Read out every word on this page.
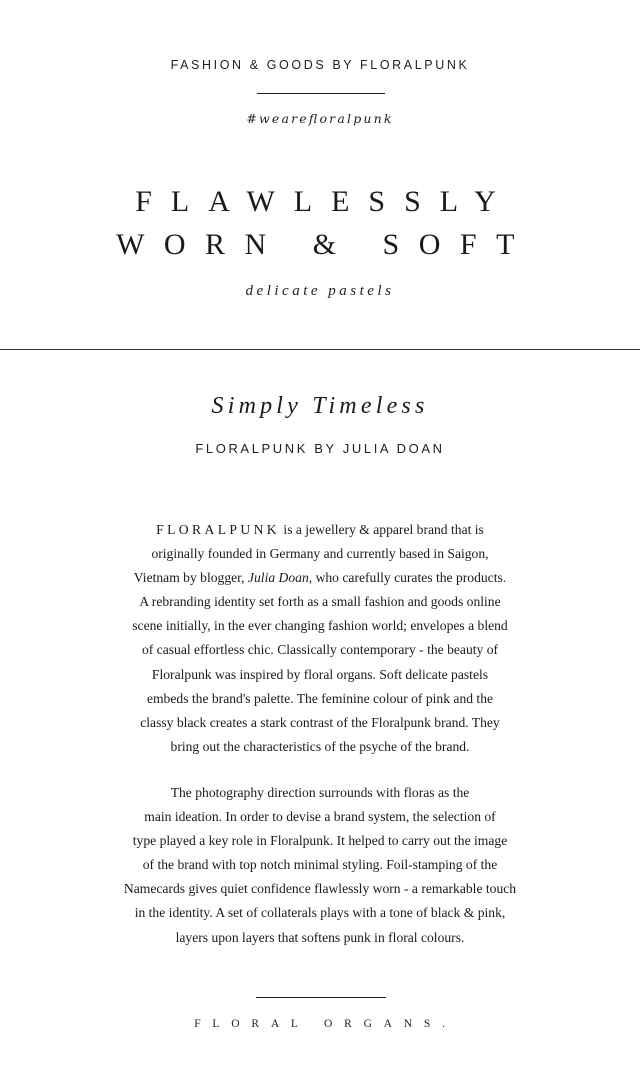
FASHION & GOODS BY FLORALPUNK
#weareﬂoralpunk
FLAWLESSLY
WORN & SOFT
delicate pastels
Simply Timeless
FLORALPUNK BY JULIA DOAN
FLORALPUNK is a jewellery & apparel brand that is
originally founded in Germany and currently based in Saigon,
Vietnam by blogger, Julia Doan, who carefully curates the products.
A rebranding identity set forth as a small fashion and goods online
scene initially, in the ever changing fashion world; envelopes a blend
of casual effortless chic. Classically contemporary - the beauty of
Floralpunk was inspired by floral organs. Soft delicate pastels
embeds the brand's palette. The feminine colour of pink and the
classy black creates a stark contrast of the Floralpunk brand. They
bring out the characteristics of the psyche of the brand.
The photography direction surrounds with floras as the
main ideation. In order to devise a brand system, the selection of
type played a key role in Floralpunk. It helped to carry out the image
of the brand with top notch minimal styling. Foil-stamping of the
Namecards gives quiet confidence flawlessly worn - a remarkable touch
in the identity. A set of collaterals plays with a tone of black & pink,
layers upon layers that softens punk in floral colours.
FLORAL ORGANS.
